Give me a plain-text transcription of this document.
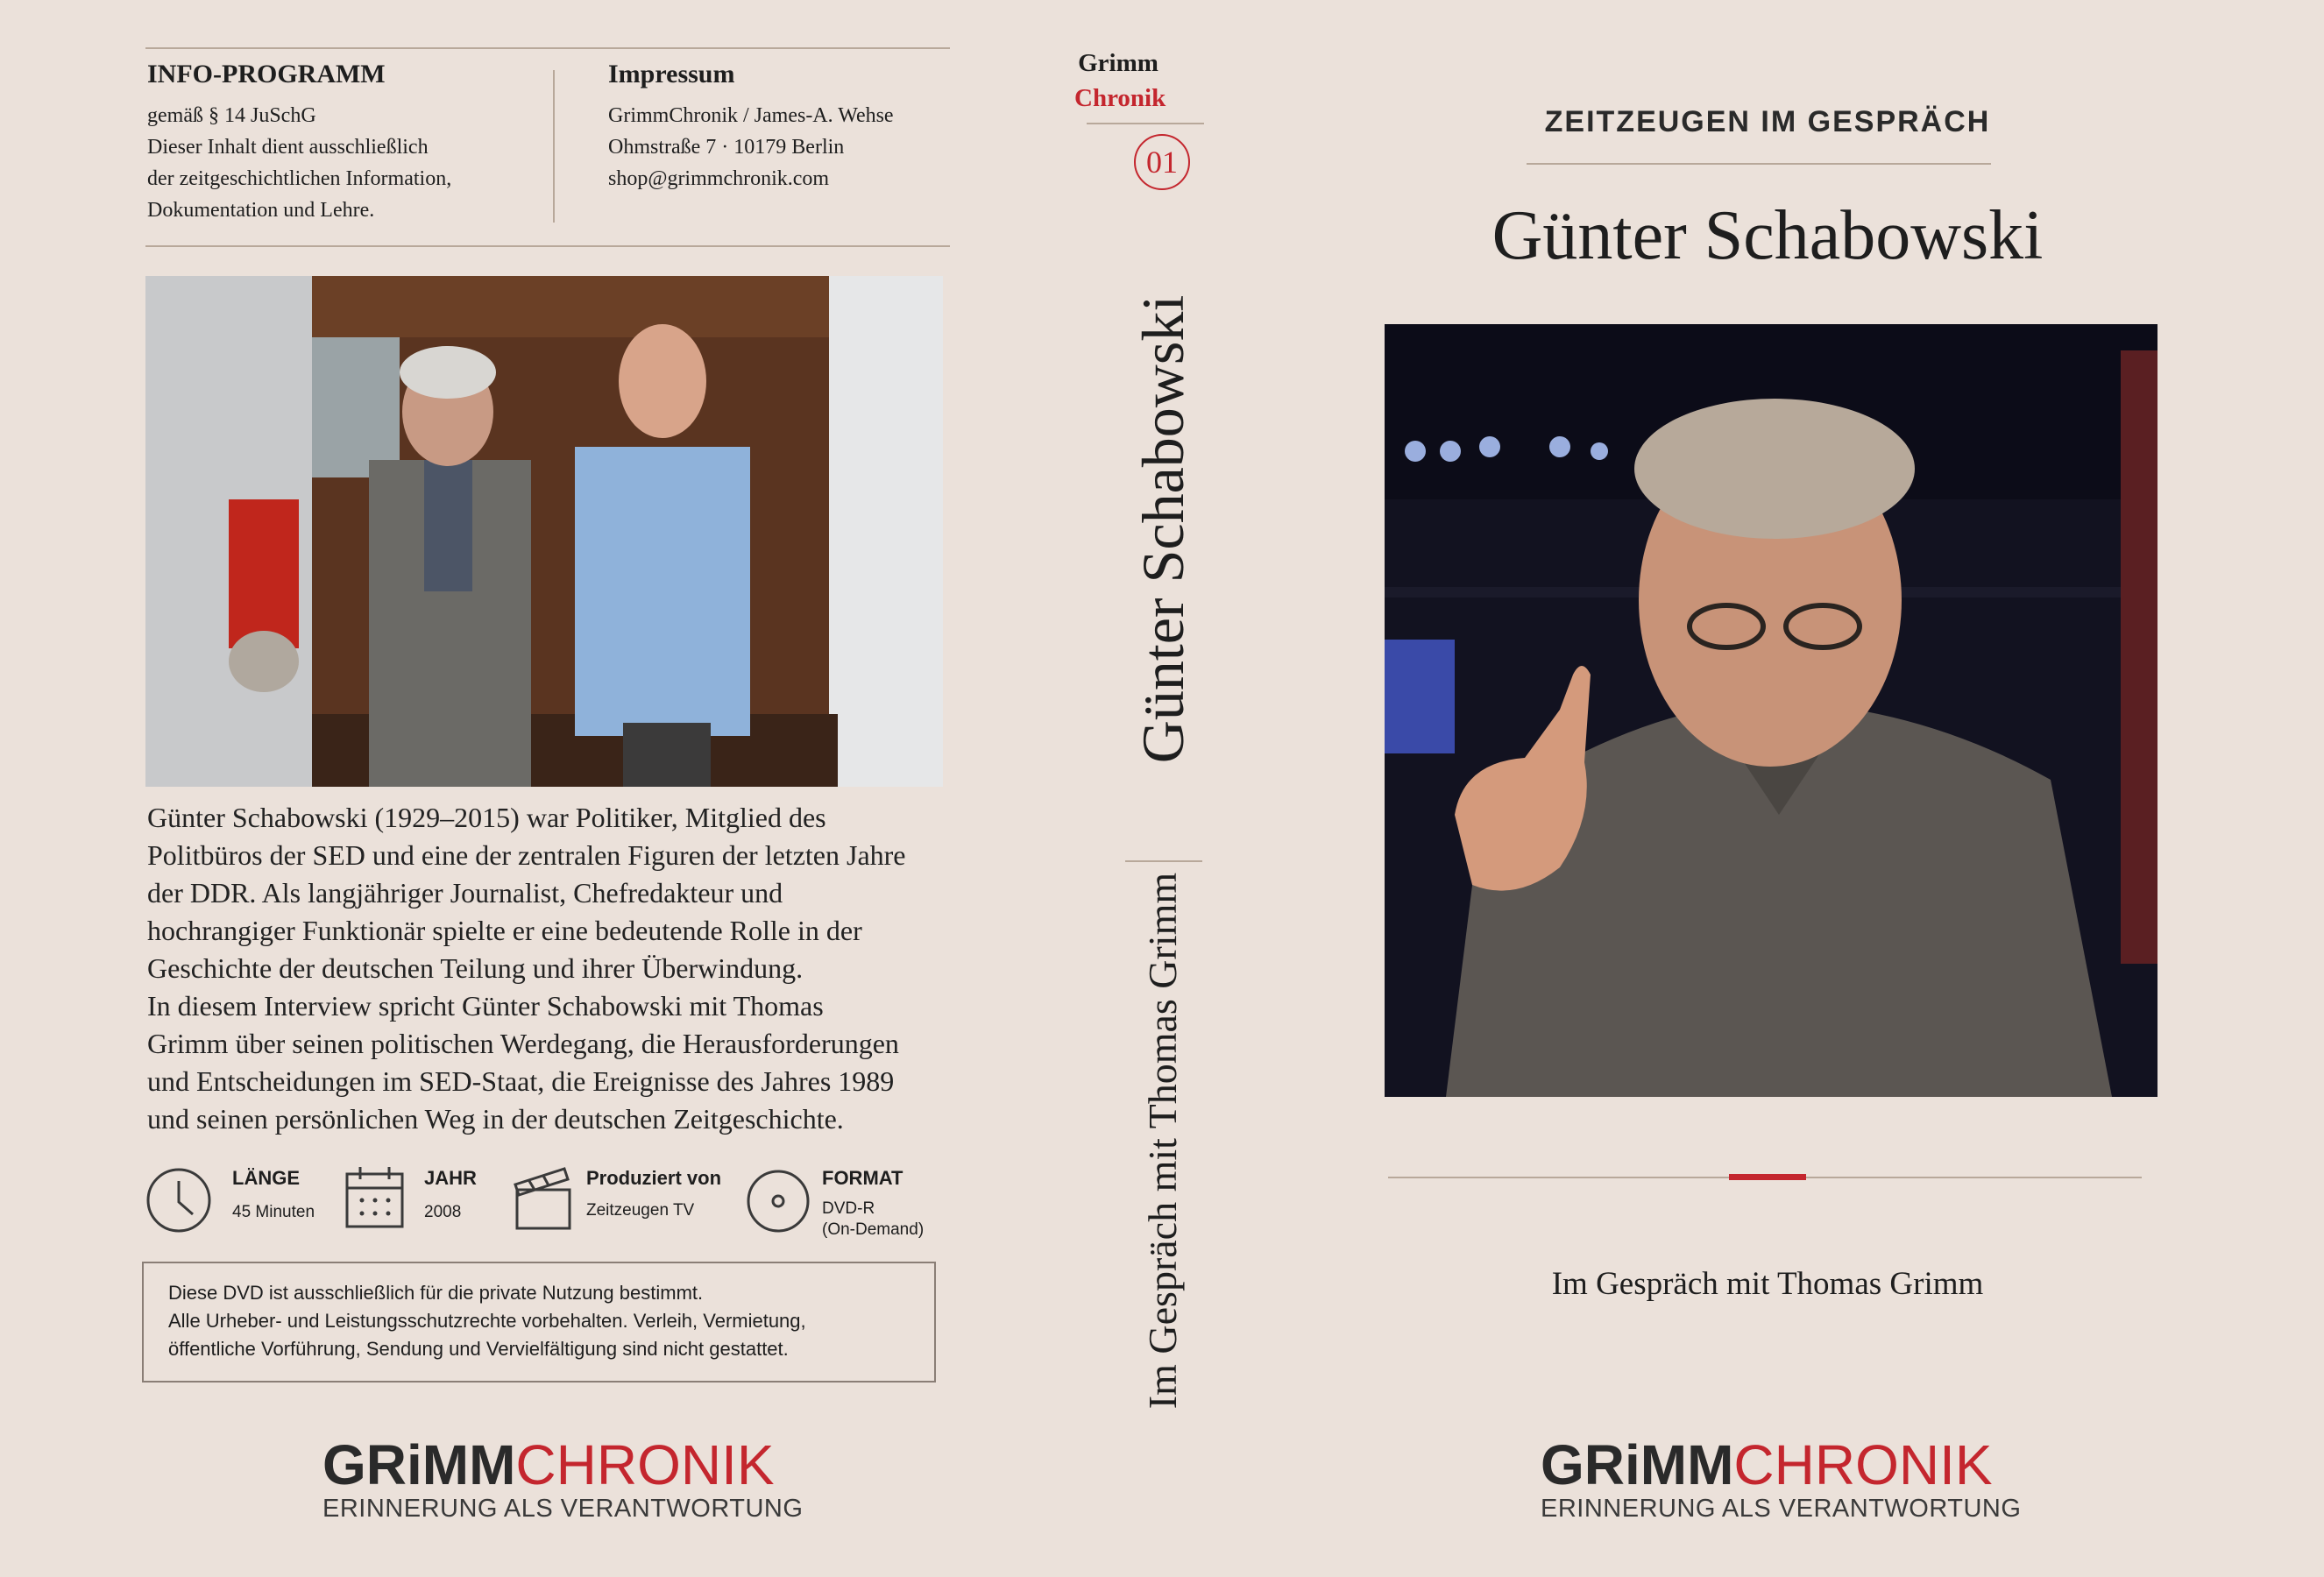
INFO-PROGRAMM
gemäß § 14 JuSchG
Dieser Inhalt dient ausschließlich
der zeitgeschichtlichen Information,
Dokumentation und Lehre.
Impressum
GrimmChronik / James-A. Wehse
Ohmstraße 7 · 10179 Berlin
shop@grimmchronik.com
Günter Schabowski (1929–2015) war Politiker, Mitglied des
Politbüros der SED und eine der zentralen Figuren der letzten Jahre
der DDR. Als langjähriger Journalist, Chefredakteur und
hochrangiger Funktionär spielte er eine bedeutende Rolle in der
Geschichte der deutschen Teilung und ihrer Überwindung.
In diesem Interview spricht Günter Schabowski mit Thomas
Grimm über seinen politischen Werdegang, die Herausforderungen
und Entscheidungen im SED-Staat, die Ereignisse des Jahres 1989
und seinen persönlichen Weg in der deutschen Zeitgeschichte.
LÄNGE
45 Minuten
JAHR
2008
Produziert von
Zeitzeugen TV
FORMAT
DVD-R
(On-Demand)
Diese DVD ist ausschließlich für die private Nutzung bestimmt.
Alle Urheber- und Leistungsschutzrechte vorbehalten. Verleih, Vermietung,
öffentliche Vorführung, Sendung und Vervielfältigung sind nicht gestattet.
GRiMMCHRONIK
ERINNERUNG ALS VERANTWORTUNG
Grimm
Chronik
01
Günter Schabowski
Im Gespräch mit Thomas Grimm
ZEITZEUGEN IM GESPRÄCH
Günter Schabowski
Im Gespräch mit Thomas Grimm
GRiMMCHRONIK
ERINNERUNG ALS VERANTWORTUNG
